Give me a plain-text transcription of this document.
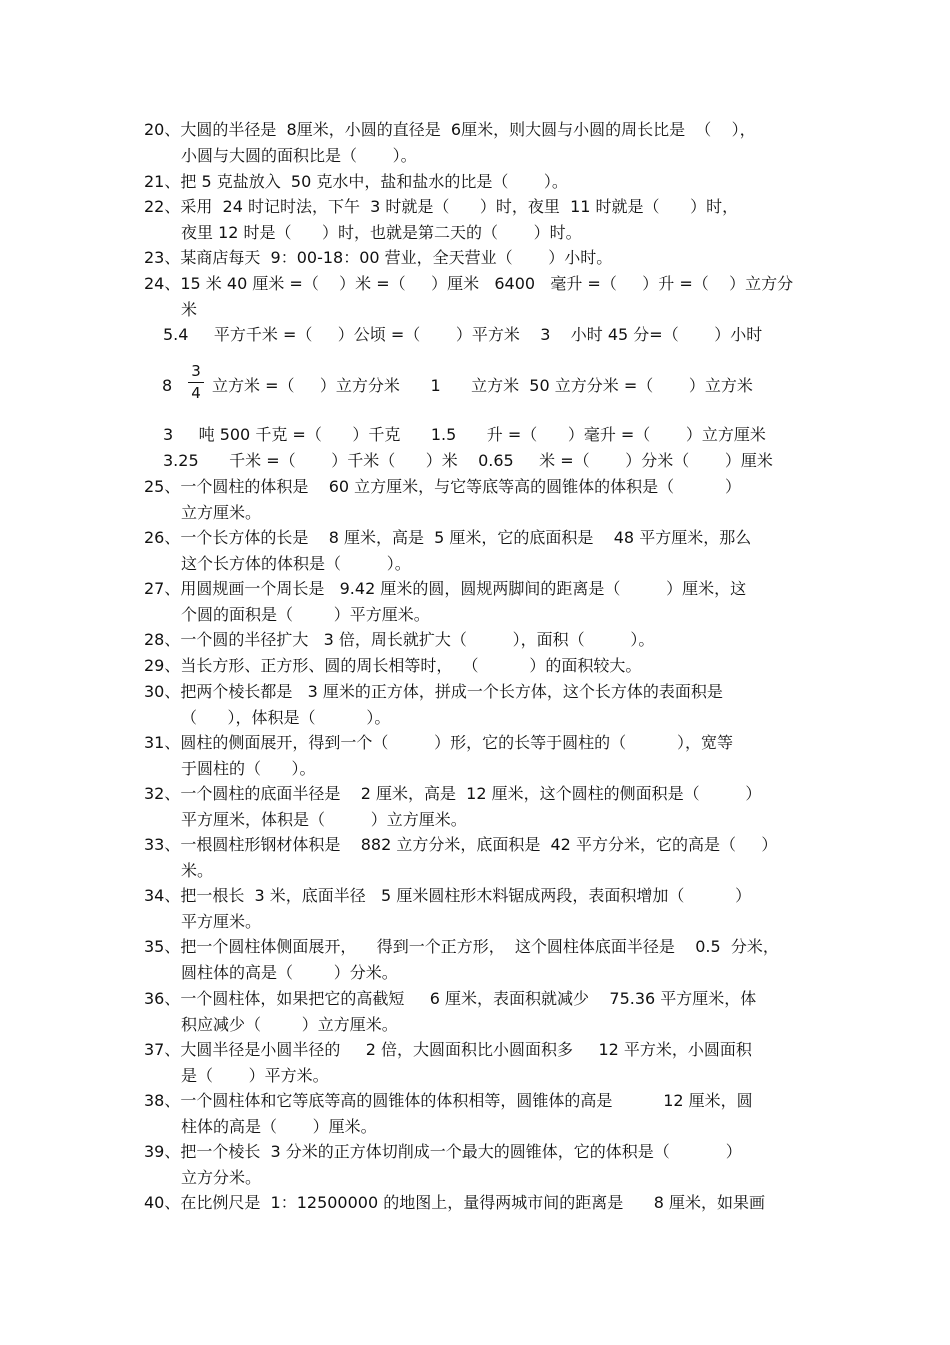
20、大圆的半径是  8厘米，小圆的直径是  6厘米，则大圆与小圆的周长比是  （    ），
小圆与大圆的面积比是（       ）。
21、把 5 克盐放入  50 克水中，盐和盐水的比是（       ）。
22、采用  24 时记时法，下午  3 时就是（      ）时，夜里  11 时就是（      ）时，
夜里 12 时是（      ）时，也就是第二天的（       ）时。
23、某商店每天  9：00-18：00 营业，全天营业（       ）小时。
24、15 米 40 厘米 =（    ）米 =（     ）厘米   6400   毫升 =（     ）升 =（    ）立方分
米
5.4     平方千米 =（     ）公顷 =（       ）平方米    3    小时 45 分=（       ）小时
8
3
4 立方米 =（     ）立方分米      1      立方米  50 立方分米 =（       ）立方米
3     吨 500 千克 =（      ）千克      1.5      升 =（      ）毫升 =（       ）立方厘米
3.25      千米 =（       ）千米（      ）米    0.65     米 =（       ）分米（       ）厘米
25、一个圆柱的体积是    60 立方厘米，与它等底等高的圆锥体的体积是（          ）
立方厘米。
26、一个长方体的长是    8 厘米，高是  5 厘米，它的底面积是    48 平方厘米，那么
这个长方体的体积是（         ）。
27、用圆规画一个周长是   9.42 厘米的圆，圆规两脚间的距离是（         ）厘米，这
个圆的面积是（        ）平方厘米。
28、一个圆的半径扩大   3 倍，周长就扩大（         ），面积（         ）。
29、当长方形、正方形、圆的周长相等时，  （          ）的面积较大。
30、把两个棱长都是   3 厘米的正方体，拼成一个长方体，这个长方体的表面积是
（      ），体积是（          ）。
31、圆柱的侧面展开，得到一个（         ）形，它的长等于圆柱的（          ），宽等
于圆柱的（      ）。
32、一个圆柱的底面半径是    2 厘米，高是  12 厘米，这个圆柱的侧面积是（         ）
平方厘米，体积是（         ）立方厘米。
33、一根圆柱形钢材体积是    882 立方分米，底面积是  42 平方分米，它的高是（     ）
米。
34、把一根长  3 米，底面半径   5 厘米圆柱形木料锯成两段，表面积增加（          ）
平方厘米。
35、把一个圆柱体侧面展开，    得到一个正方形，  这个圆柱体底面半径是    0.5  分米，
圆柱体的高是（        ）分米。
36、一个圆柱体，如果把它的高截短     6 厘米，表面积就减少    75.36 平方厘米，体
积应减少（        ）立方厘米。
37、大圆半径是小圆半径的     2 倍，大圆面积比小圆面积多     12 平方米，小圆面积
是（       ）平方米。
38、一个圆柱体和它等底等高的圆锥体的体积相等，圆锥体的高是          12 厘米，圆
柱体的高是（       ）厘米。
39、把一个棱长  3 分米的正方体切削成一个最大的圆锥体，它的体积是（           ）
立方分米。
40、在比例尺是  1：12500000 的地图上，量得两城市间的距离是      8 厘米，如果画
